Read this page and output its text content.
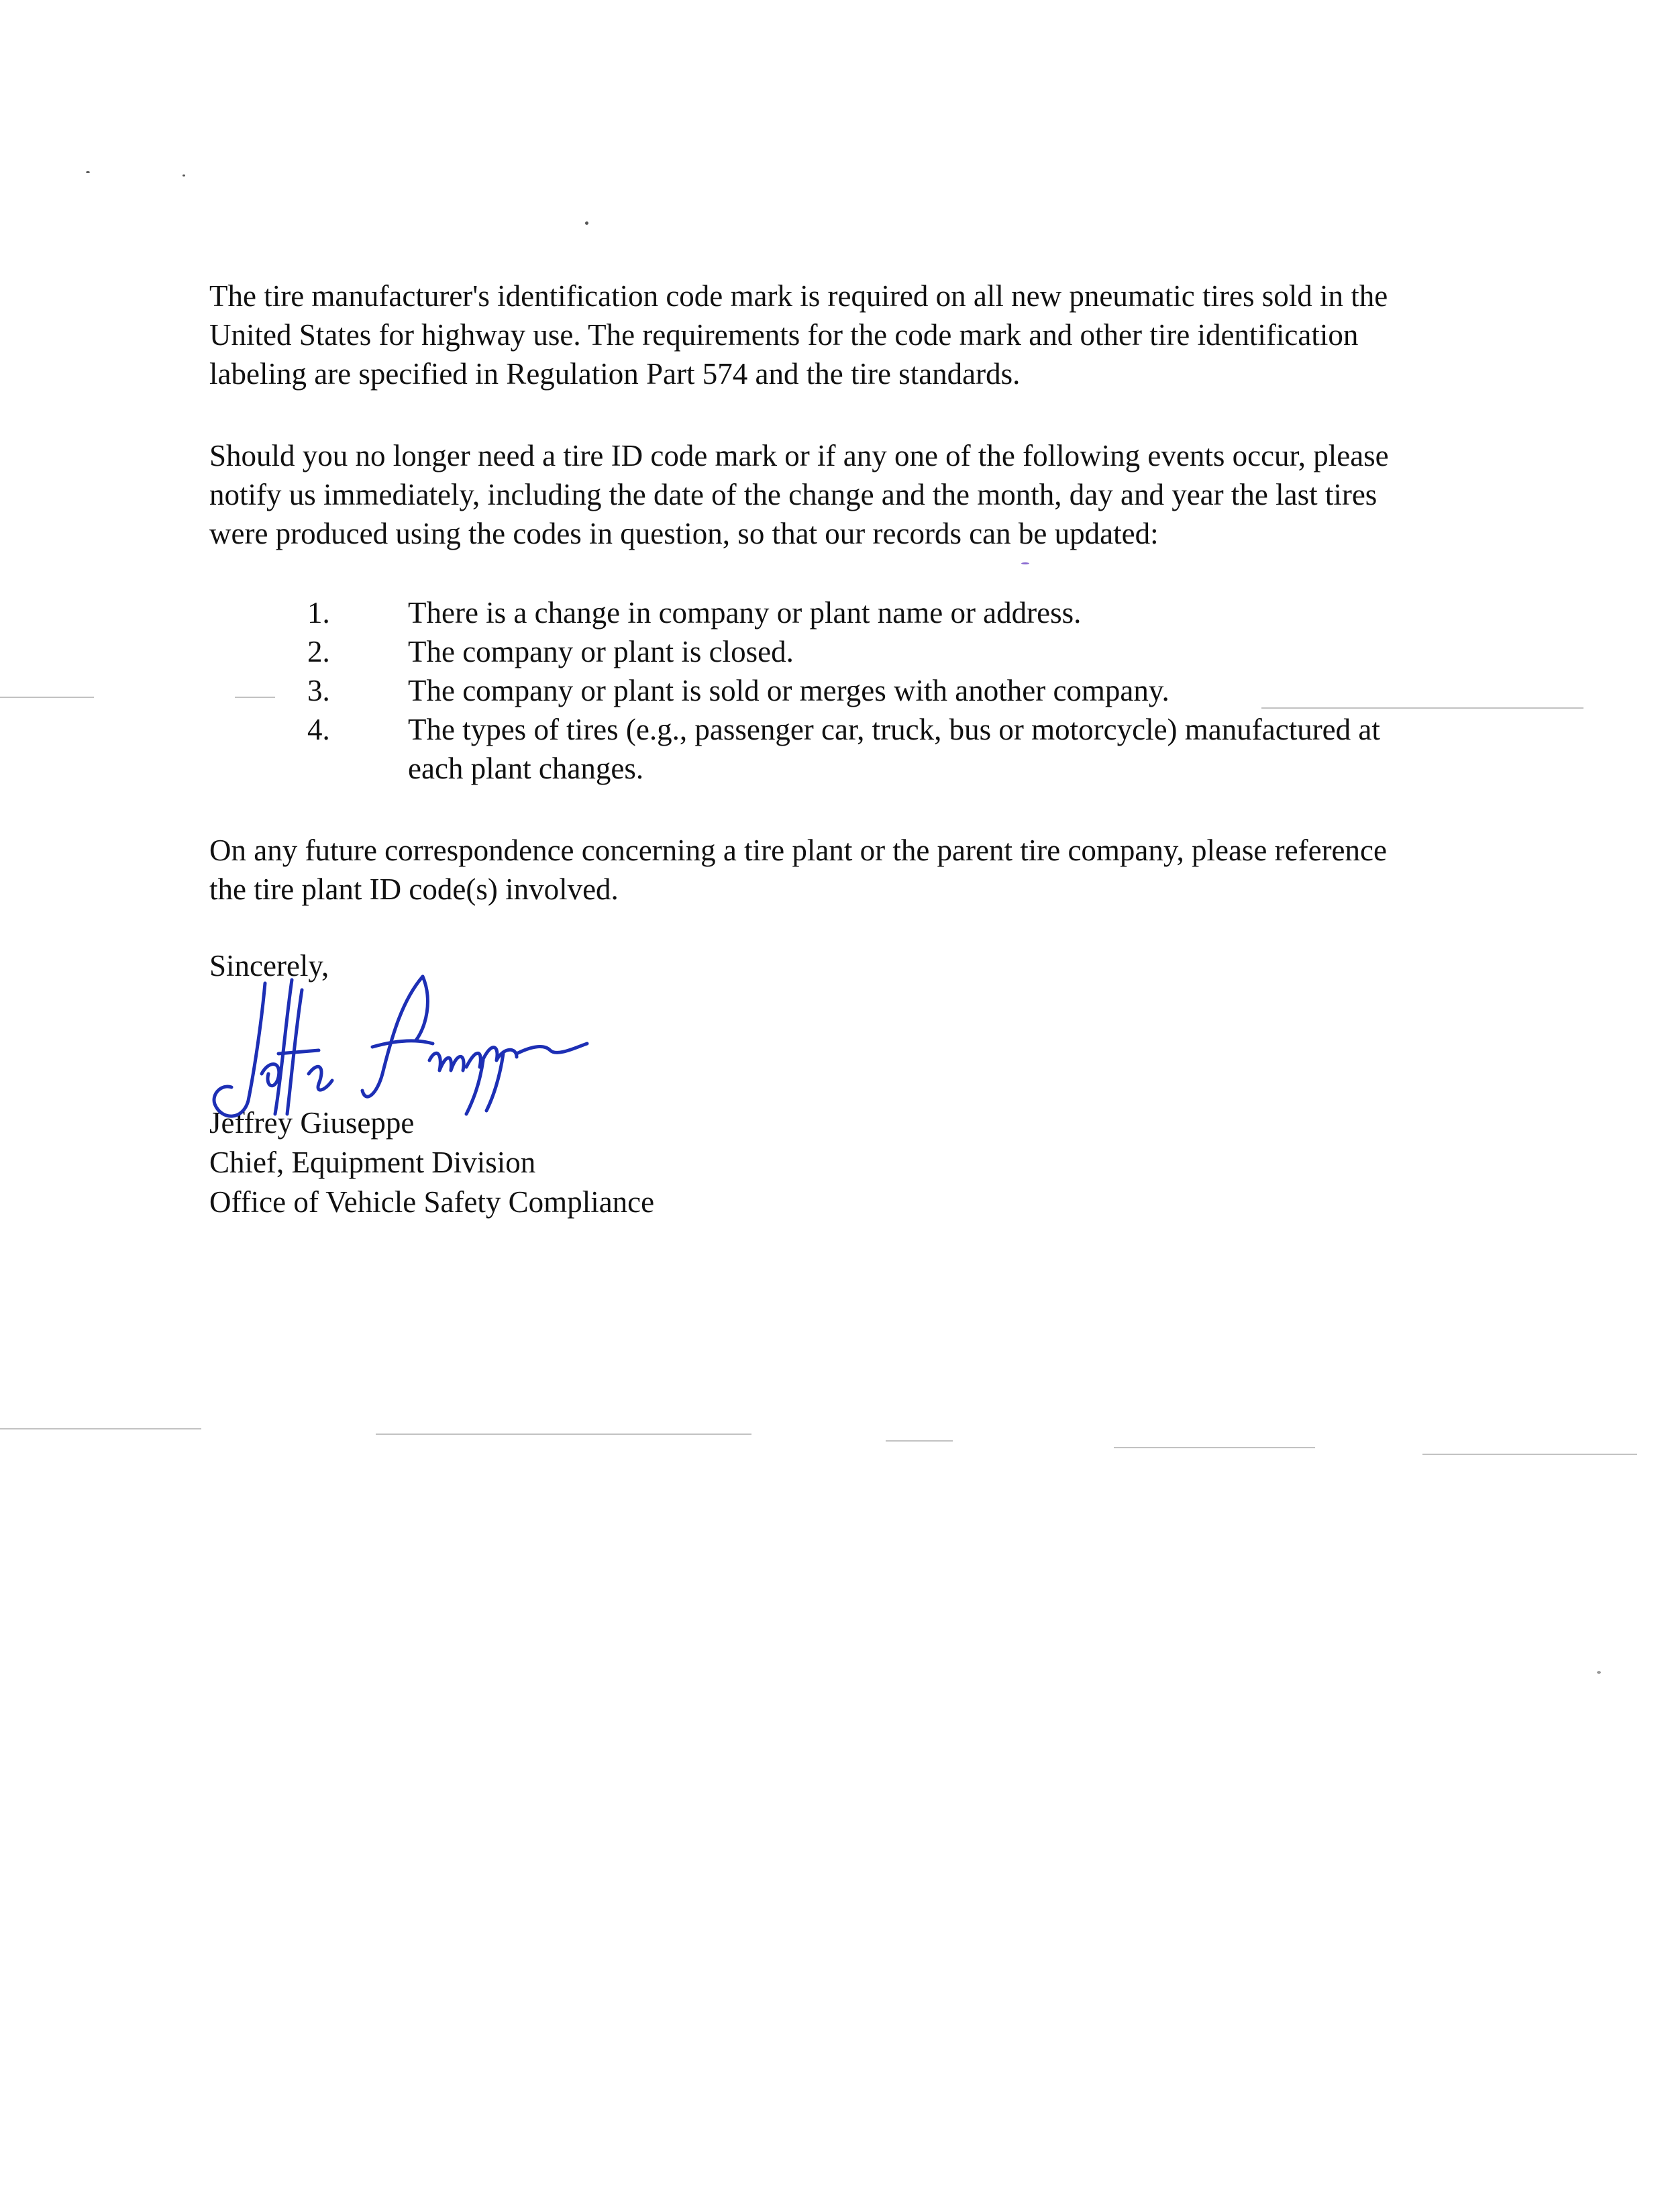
The tire manufacturer's identification code mark is required on all new pneumatic tires sold in the
United States for highway use. The requirements for the code mark and other tire identification
labeling are specified in Regulation Part 574 and the tire standards.

Should you no longer need a tire ID code mark or if any one of the following events occur, please
notify us immediately, including the date of the change and the month, day and year the last tires
were produced using the codes in question, so that our records can be updated:

1.	There is a change in company or plant name or address.
2.	The company or plant is closed.
3.	The company or plant is sold or merges with another company.
4.	The types of tires (e.g., passenger car, truck, bus or motorcycle) manufactured at
each plant changes.

On any future correspondence concerning a tire plant or the parent tire company, please reference
the tire plant ID code(s) involved.

Sincerely,

Jeffrey Giuseppe
Chief, Equipment Division
Office of Vehicle Safety Compliance
